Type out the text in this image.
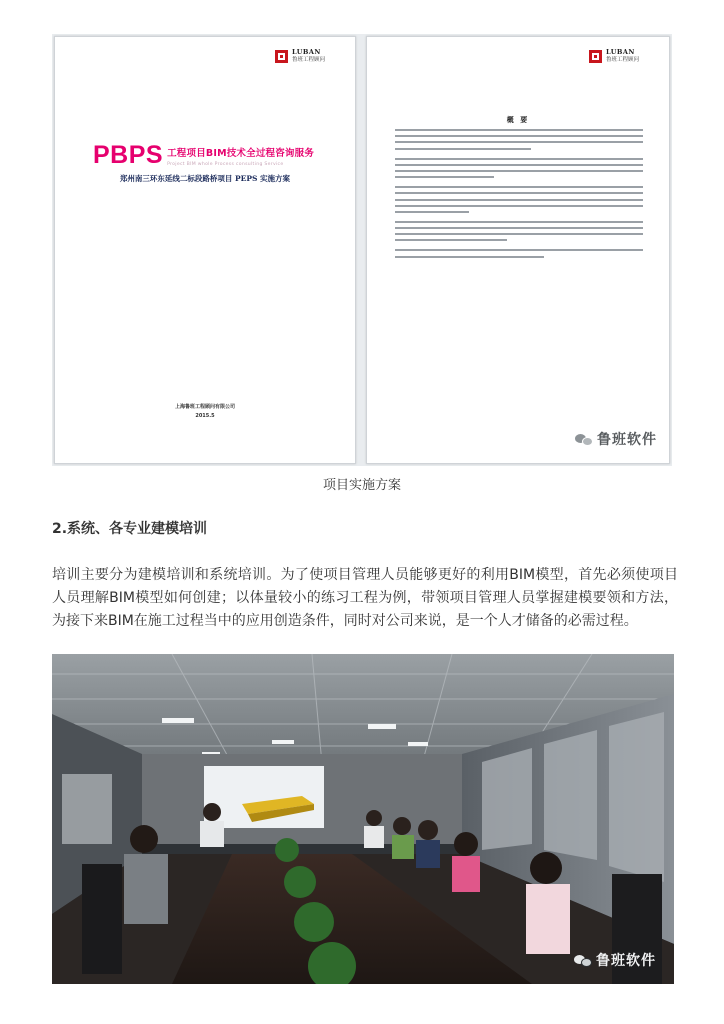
LUBAN
鲁班工程顾问
PBPS 工程项目BIM技术全过程咨询服务
Project BIM whole Process consulting Service
郑州南三环东延线二标段路桥项目 PEPS 实施方案
上海鲁班工程顾问有限公司
2015.5
LUBAN
鲁班工程顾问
概 要
鲁班软件
项目实施方案
2.系统、各专业建模培训

培训主要分为建模培训和系统培训。为了使项目管理人员能够更好的利用BIM模型，首先必须使项目人员理解BIM模型如何创建；以体量较小的练习工程为例，带领项目管理人员掌握建模要领和方法，为接下来BIM在施工过程当中的应用创造条件，同时对公司来说，是一个人才储备的必需过程。

鲁班软件
